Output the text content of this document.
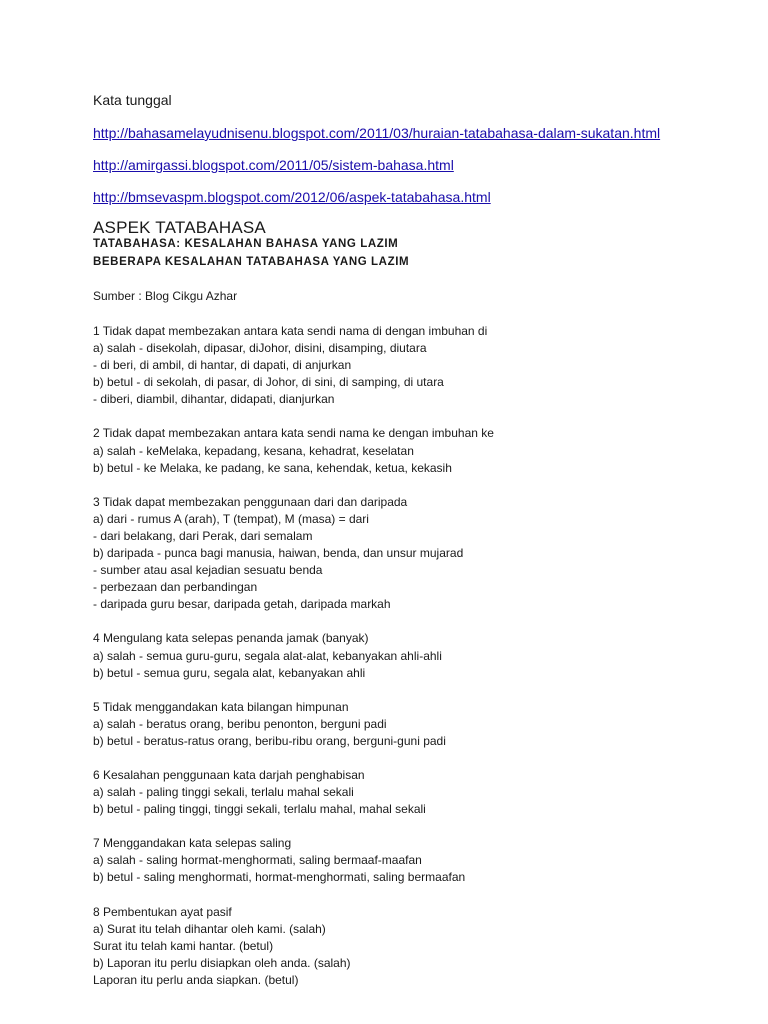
Kata tunggal
http://bahasamelayudnisenu.blogspot.com/2011/03/huraian-tatabahasa-dalam-sukatan.html
http://amirgassi.blogspot.com/2011/05/sistem-bahasa.html
http://bmsevaspm.blogspot.com/2012/06/aspek-tatabahasa.html
ASPEK TATABAHASA
TATABAHASA: KESALAHAN BAHASA YANG LAZIM
BEBERAPA KESALAHAN TATABAHASA YANG LAZIM
Sumber : Blog Cikgu Azhar
1 Tidak dapat membezakan antara kata sendi nama di dengan imbuhan di
a) salah - disekolah, dipasar, diJohor, disini, disamping, diutara
- di beri, di ambil, di hantar, di dapati, di anjurkan
b) betul - di sekolah, di pasar, di Johor, di sini, di samping, di utara
- diberi, diambil, dihantar, didapati, dianjurkan
2 Tidak dapat membezakan antara kata sendi nama ke dengan imbuhan ke
a) salah - keMelaka, kepadang, kesana, kehadrat, keselatan
b) betul - ke Melaka, ke padang, ke sana, kehendak, ketua, kekasih
3 Tidak dapat membezakan penggunaan dari dan daripada
a) dari - rumus A (arah), T (tempat), M (masa) = dari
- dari belakang, dari Perak, dari semalam
b) daripada - punca bagi manusia, haiwan, benda, dan unsur mujarad
- sumber atau asal kejadian sesuatu benda
- perbezaan dan perbandingan
- daripada guru besar, daripada getah, daripada markah
4 Mengulang kata selepas penanda jamak (banyak)
a) salah - semua guru-guru, segala alat-alat, kebanyakan ahli-ahli
b) betul - semua guru, segala alat, kebanyakan ahli
5 Tidak menggandakan kata bilangan himpunan
a) salah - beratus orang, beribu penonton, berguni padi
b) betul - beratus-ratus orang, beribu-ribu orang, berguni-guni padi
6 Kesalahan penggunaan kata darjah penghabisan
a) salah - paling tinggi sekali, terlalu mahal sekali
b) betul - paling tinggi, tinggi sekali, terlalu mahal, mahal sekali
7 Menggandakan kata selepas saling
a) salah - saling hormat-menghormati, saling bermaaf-maafan
b) betul - saling menghormati, hormat-menghormati, saling bermaafan
8 Pembentukan ayat pasif
a) Surat itu telah dihantar oleh kami. (salah)
Surat itu telah kami hantar. (betul)
b) Laporan itu perlu disiapkan oleh anda. (salah)
Laporan itu perlu anda siapkan. (betul)
